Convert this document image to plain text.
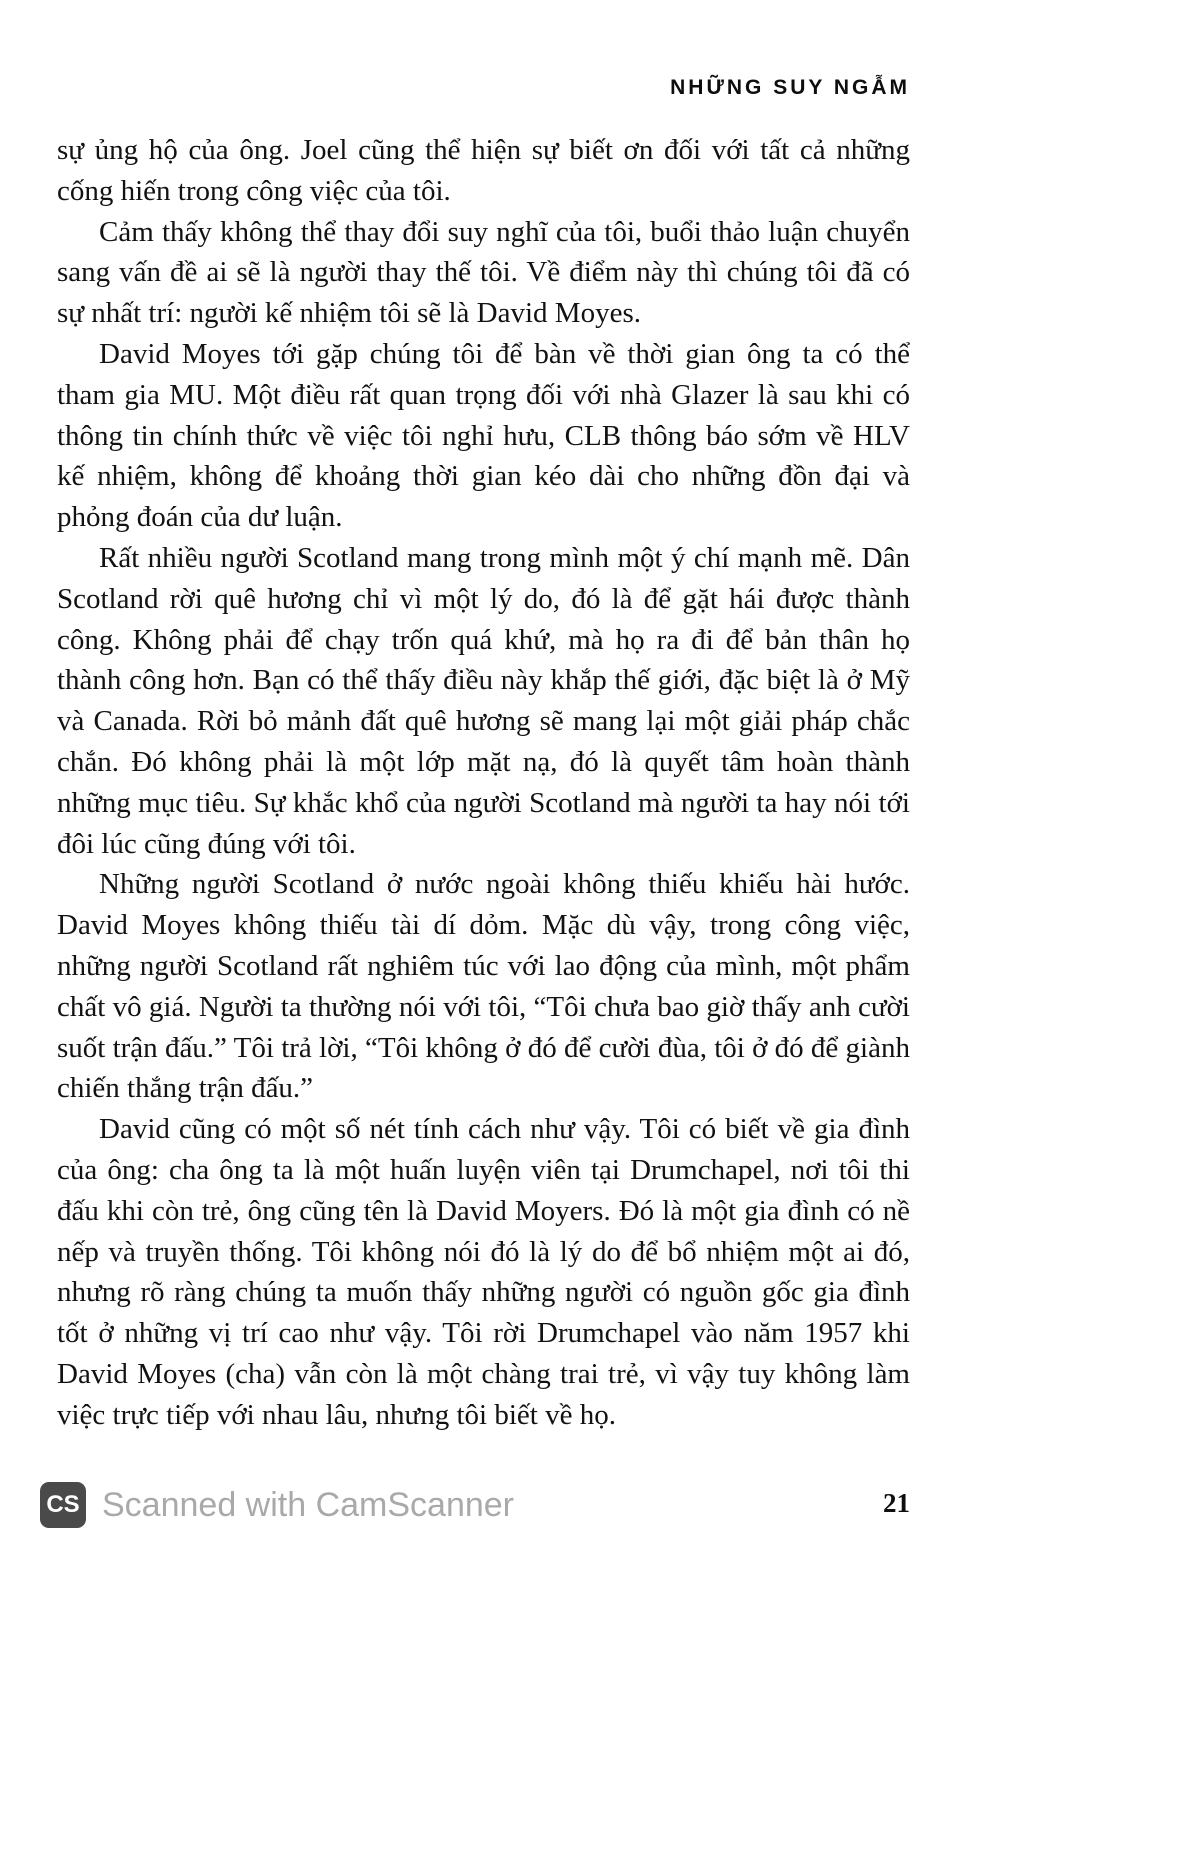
NHỮNG SUY NGẪM

sự ủng hộ của ông. Joel cũng thể hiện sự biết ơn đối với tất cả những cống hiến trong công việc của tôi.

Cảm thấy không thể thay đổi suy nghĩ của tôi, buổi thảo luận chuyển sang vấn đề ai sẽ là người thay thế tôi. Về điểm này thì chúng tôi đã có sự nhất trí: người kế nhiệm tôi sẽ là David Moyes.

David Moyes tới gặp chúng tôi để bàn về thời gian ông ta có thể tham gia MU. Một điều rất quan trọng đối với nhà Glazer là sau khi có thông tin chính thức về việc tôi nghỉ hưu, CLB thông báo sớm về HLV kế nhiệm, không để khoảng thời gian kéo dài cho những đồn đại và phỏng đoán của dư luận.

Rất nhiều người Scotland mang trong mình một ý chí mạnh mẽ. Dân Scotland rời quê hương chỉ vì một lý do, đó là để gặt hái được thành công. Không phải để chạy trốn quá khứ, mà họ ra đi để bản thân họ thành công hơn. Bạn có thể thấy điều này khắp thế giới, đặc biệt là ở Mỹ và Canada. Rời bỏ mảnh đất quê hương sẽ mang lại một giải pháp chắc chắn. Đó không phải là một lớp mặt nạ, đó là quyết tâm hoàn thành những mục tiêu. Sự khắc khổ của người Scotland mà người ta hay nói tới đôi lúc cũng đúng với tôi.

Những người Scotland ở nước ngoài không thiếu khiếu hài hước. David Moyes không thiếu tài dí dỏm. Mặc dù vậy, trong công việc, những người Scotland rất nghiêm túc với lao động của mình, một phẩm chất vô giá. Người ta thường nói với tôi, “Tôi chưa bao giờ thấy anh cười suốt trận đấu.” Tôi trả lời, “Tôi không ở đó để cười đùa, tôi ở đó để giành chiến thắng trận đấu.”

David cũng có một số nét tính cách như vậy. Tôi có biết về gia đình của ông: cha ông ta là một huấn luyện viên tại Drumchapel, nơi tôi thi đấu khi còn trẻ, ông cũng tên là David Moyers. Đó là một gia đình có nề nếp và truyền thống. Tôi không nói đó là lý do để bổ nhiệm một ai đó, nhưng rõ ràng chúng ta muốn thấy những người có nguồn gốc gia đình tốt ở những vị trí cao như vậy. Tôi rời Drumchapel vào năm 1957 khi David Moyes (cha) vẫn còn là một chàng trai trẻ, vì vậy tuy không làm việc trực tiếp với nhau lâu, nhưng tôi biết về họ.

CS Scanned with CamScanner	21
